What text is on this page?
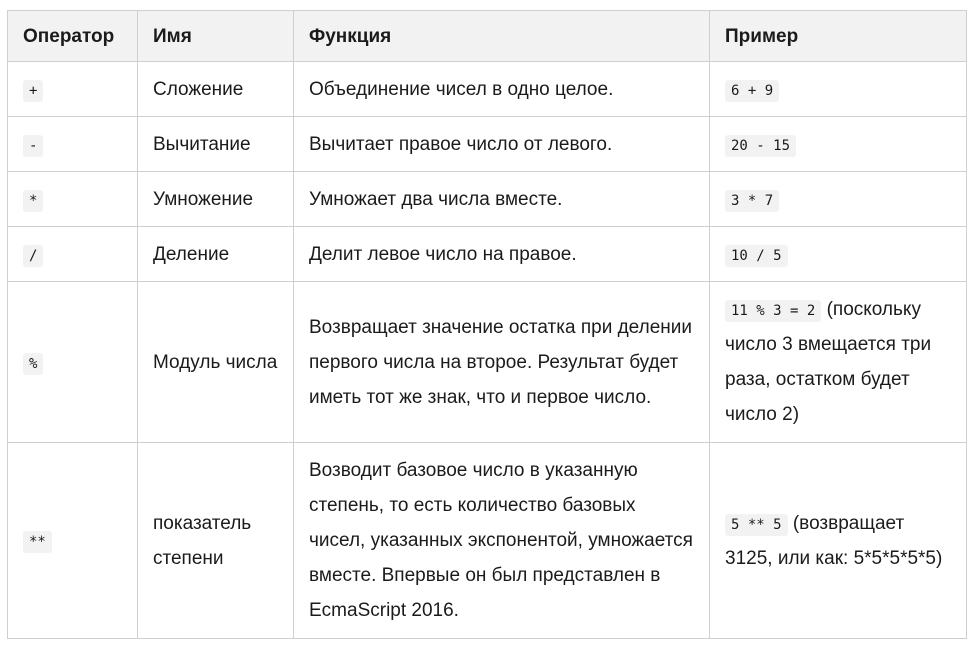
Оператор	Имя	Функция	Пример
+	Сложение	Объединение чисел в одно целое.	6 + 9
-	Вычитание	Вычитает правое число от левого.	20 - 15
*	Умножение	Умножает два числа вместе.	3 * 7
/	Деление	Делит левое число на правое.	10 / 5
%	Модуль числа	Возвращает значение остатка при делении первого числа на второе. Результат будет иметь тот же знак, что и первое число.	11 % 3 = 2 (поскольку число 3 вмещается три раза, остатком будет число 2)
**	показатель степени	Возводит базовое число в указанную степень, то есть количество базовых чисел, указанных экспонентой, умножается вместе. Впервые он был представлен в EcmaScript 2016.	5 ** 5 (возвращает 3125, или как: 5*5*5*5*5)
